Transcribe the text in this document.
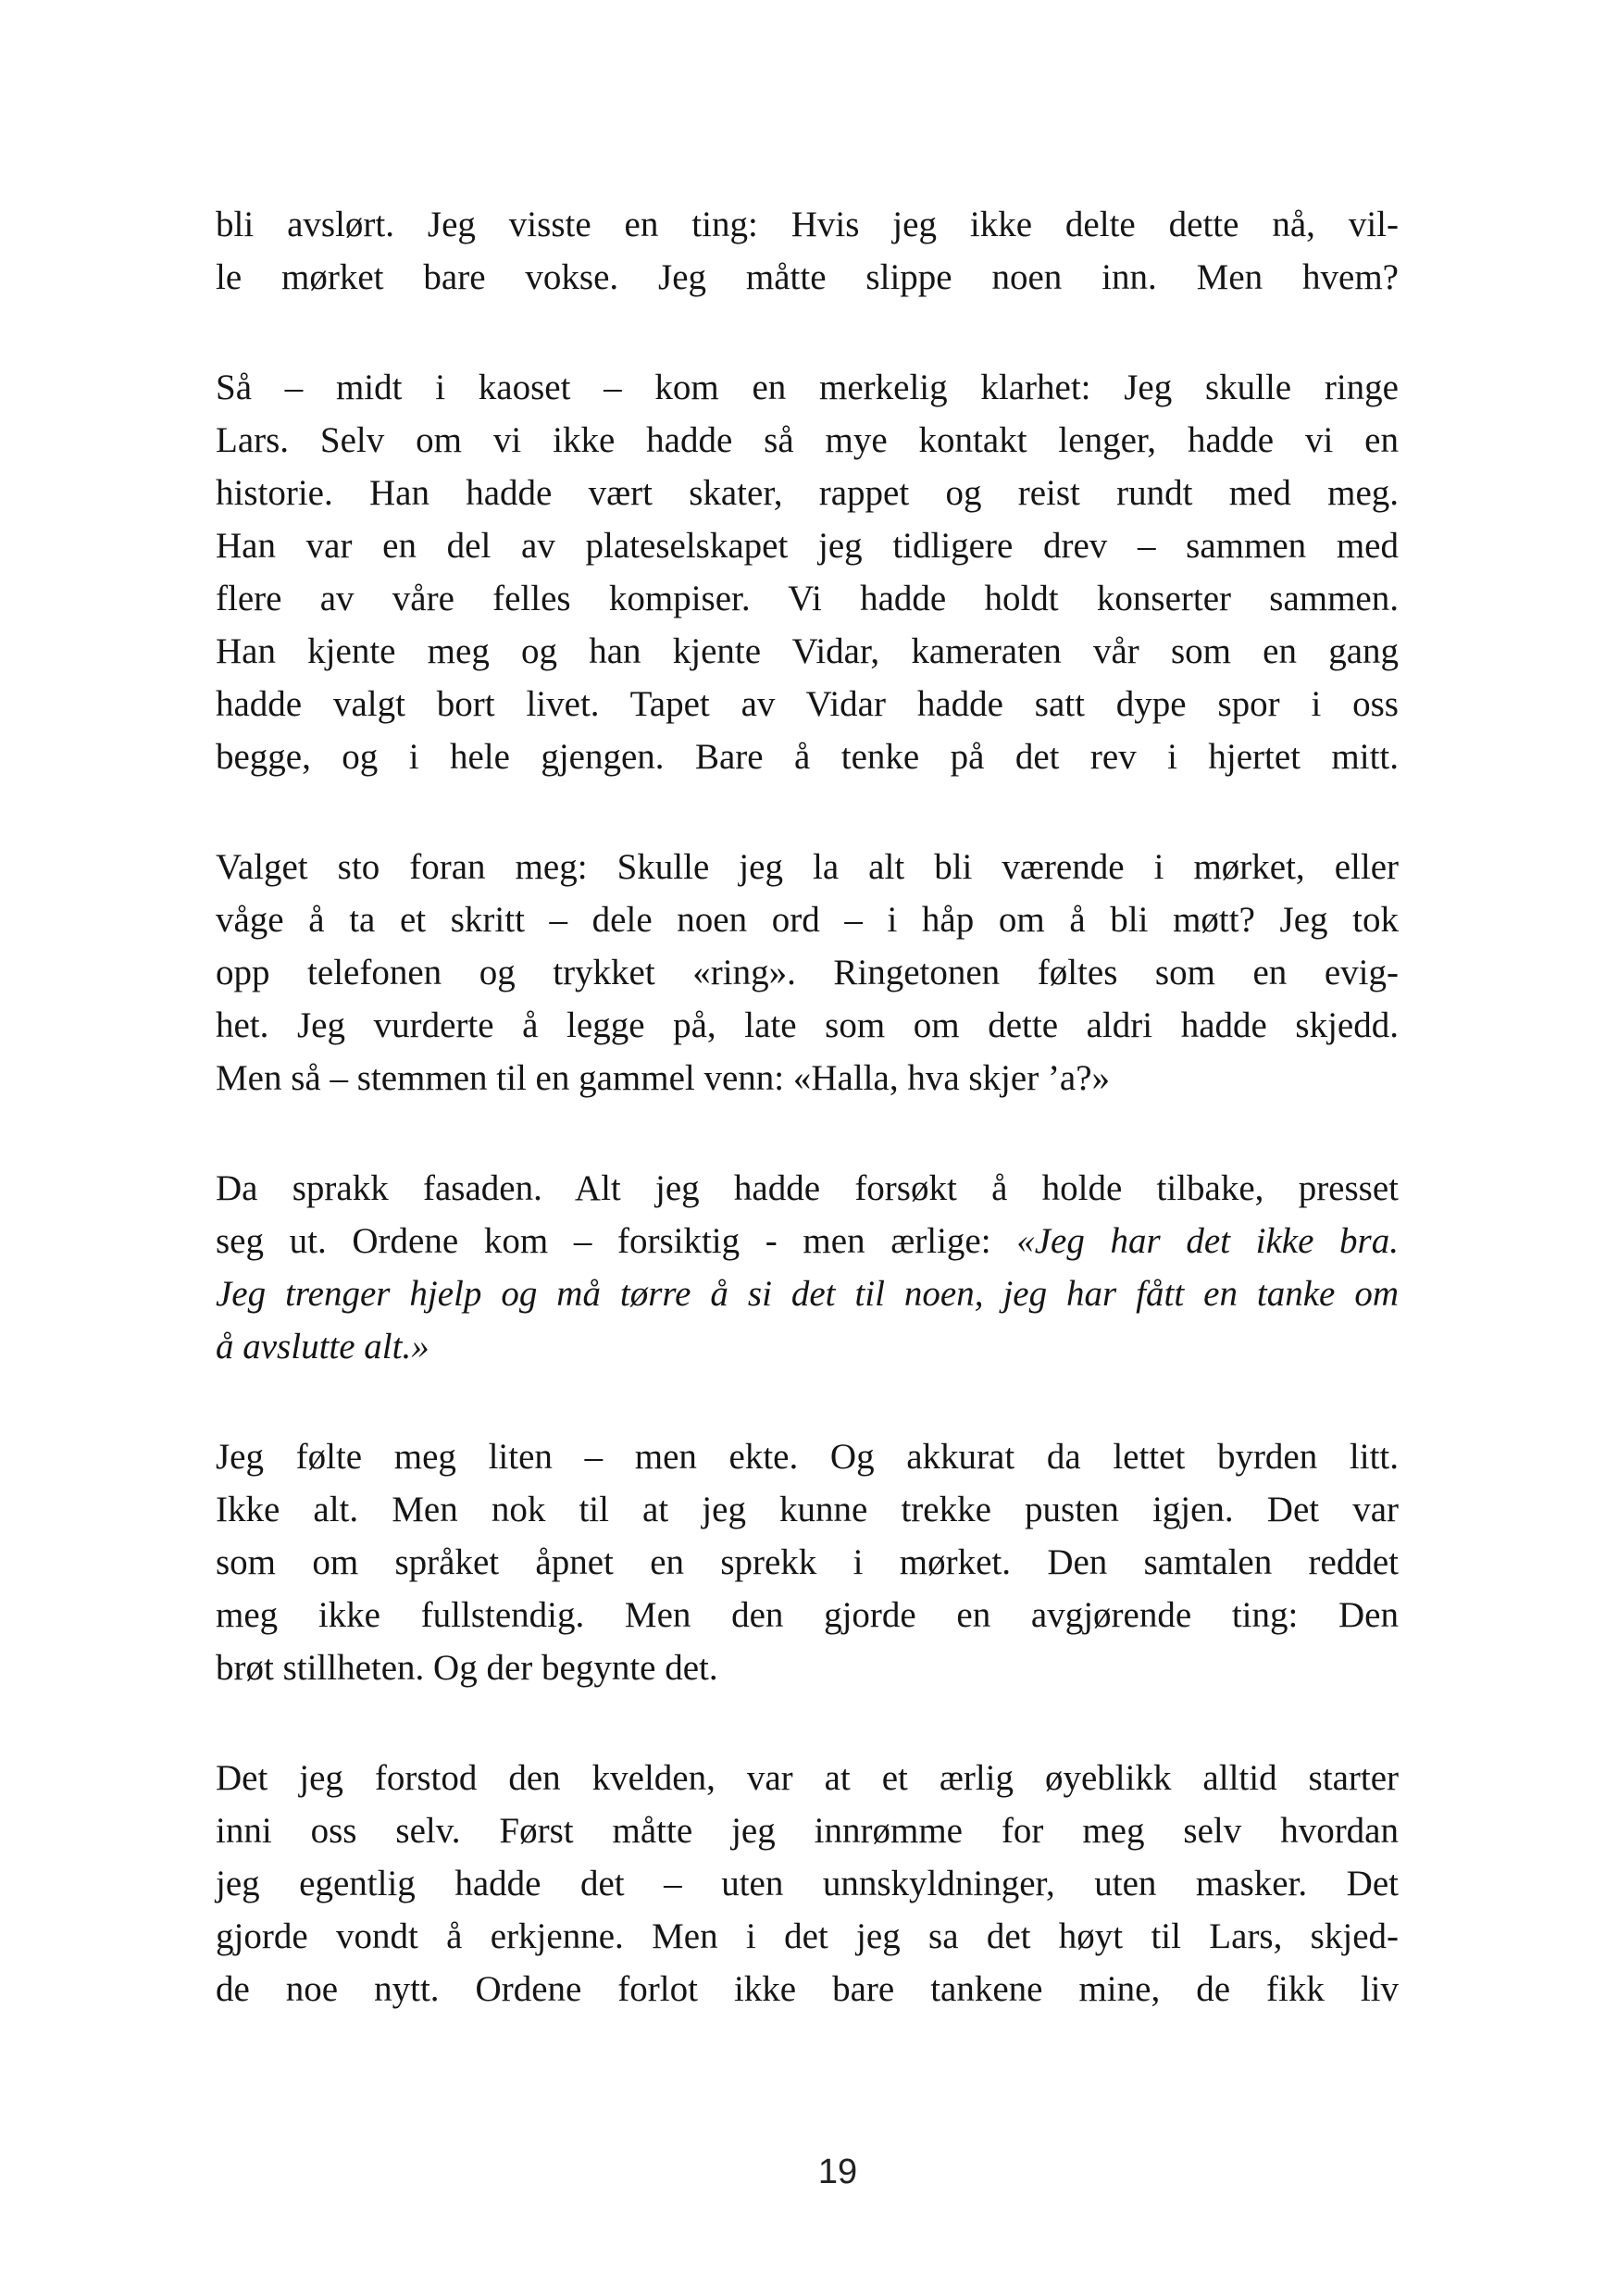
bli avslørt. Jeg visste en ting: Hvis jeg ikke delte dette nå, vil-
le mørket bare vokse. Jeg måtte slippe noen inn. Men hvem?
Så – midt i kaoset – kom en merkelig klarhet: Jeg skulle ringe
Lars. Selv om vi ikke hadde så mye kontakt lenger, hadde vi en
historie. Han hadde vært skater, rappet og reist rundt med meg.
Han var en del av plateselskapet jeg tidligere drev – sammen med
flere av våre felles kompiser. Vi hadde holdt konserter sammen.
Han kjente meg og han kjente Vidar, kameraten vår som en gang
hadde valgt bort livet. Tapet av Vidar hadde satt dype spor i oss
begge, og i hele gjengen. Bare å tenke på det rev i hjertet mitt.
Valget sto foran meg: Skulle jeg la alt bli værende i mørket, eller
våge å ta et skritt – dele noen ord – i håp om å bli møtt? Jeg tok
opp telefonen og trykket «ring». Ringetonen føltes som en evig-
het. Jeg vurderte å legge på, late som om dette aldri hadde skjedd.
Men så – stemmen til en gammel venn: «Halla, hva skjer ’a?»
Da sprakk fasaden. Alt jeg hadde forsøkt å holde tilbake, presset
seg ut. Ordene kom – forsiktig - men ærlige: «Jeg har det ikke bra.
Jeg trenger hjelp og må tørre å si det til noen, jeg har fått en tanke om
å avslutte alt.»
Jeg følte meg liten – men ekte. Og akkurat da lettet byrden litt.
Ikke alt. Men nok til at jeg kunne trekke pusten igjen. Det var
som om språket åpnet en sprekk i mørket. Den samtalen reddet
meg ikke fullstendig. Men den gjorde en avgjørende ting: Den
brøt stillheten. Og der begynte det.
Det jeg forstod den kvelden, var at et ærlig øyeblikk alltid starter
inni oss selv. Først måtte jeg innrømme for meg selv hvordan
jeg egentlig hadde det – uten unnskyldninger, uten masker. Det
gjorde vondt å erkjenne. Men i det jeg sa det høyt til Lars, skjed-
de noe nytt. Ordene forlot ikke bare tankene mine, de fikk liv
19
